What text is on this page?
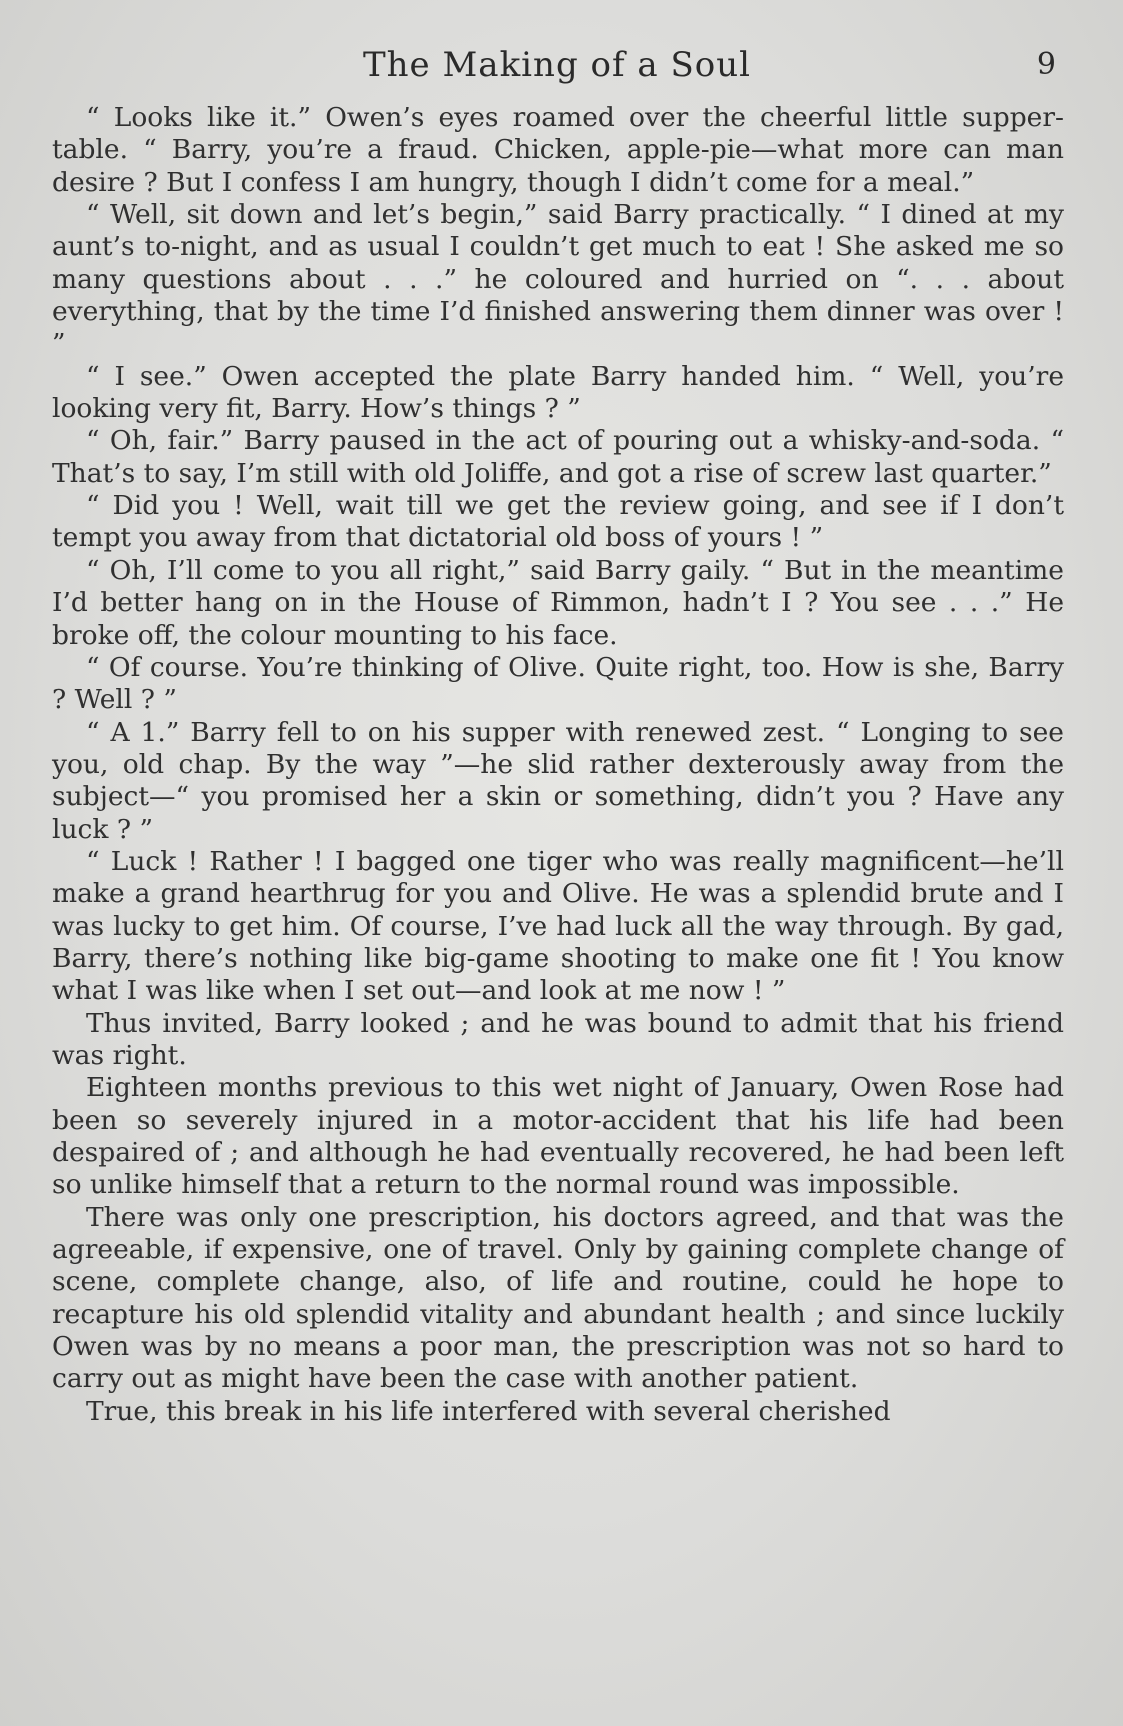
The Making of a Soul	9

“ Looks like it.” Owen’s eyes roamed over the cheerful little supper-table. “ Barry, you’re a fraud. Chicken, apple-pie—what more can man desire ? But I confess I am hungry, though I didn’t come for a meal.”

“ Well, sit down and let’s begin,” said Barry practically. “ I dined at my aunt’s to-night, and as usual I couldn’t get much to eat ! She asked me so many questions about . . .” he coloured and hurried on “. . . about everything, that by the time I’d finished answering them dinner was over ! ”

“ I see.” Owen accepted the plate Barry handed him. “ Well, you’re looking very fit, Barry. How’s things ? ”

“ Oh, fair.” Barry paused in the act of pouring out a whisky-and-soda. “ That’s to say, I’m still with old Joliffe, and got a rise of screw last quarter.”

“ Did you ! Well, wait till we get the review going, and see if I don’t tempt you away from that dictatorial old boss of yours ! ”

“ Oh, I’ll come to you all right,” said Barry gaily. “ But in the meantime I’d better hang on in the House of Rimmon, hadn’t I ? You see . . .” He broke off, the colour mounting to his face.

“ Of course. You’re thinking of Olive. Quite right, too. How is she, Barry ? Well ? ”

“ A 1.” Barry fell to on his supper with renewed zest. “ Longing to see you, old chap. By the way ”—he slid rather dexterously away from the subject—“ you promised her a skin or something, didn’t you ? Have any luck ? ”

“ Luck ! Rather ! I bagged one tiger who was really magnificent—he’ll make a grand hearthrug for you and Olive. He was a splendid brute and I was lucky to get him. Of course, I’ve had luck all the way through. By gad, Barry, there’s nothing like big-game shooting to make one fit ! You know what I was like when I set out—and look at me now ! ”

Thus invited, Barry looked ; and he was bound to admit that his friend was right.

Eighteen months previous to this wet night of January, Owen Rose had been so severely injured in a motor-accident that his life had been despaired of ; and although he had eventually recovered, he had been left so unlike himself that a return to the normal round was impossible.

There was only one prescription, his doctors agreed, and that was the agreeable, if expensive, one of travel. Only by gaining complete change of scene, complete change, also, of life and routine, could he hope to recapture his old splendid vitality and abundant health ; and since luckily Owen was by no means a poor man, the prescription was not so hard to carry out as might have been the case with another patient.

True, this break in his life interfered with several cherished
